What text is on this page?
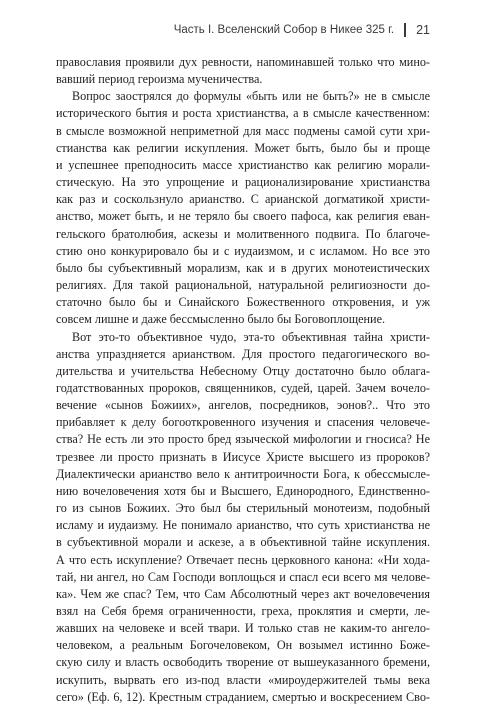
Часть I. Вселенский Собор в Никее 325 г. 21
православия проявили дух ревности, напоминавшей только что мино-
вавший период героизма мученичества.
Вопрос заострялся до формулы «быть или не быть?» не в смысле
исторического бытия и роста христианства, а в смысле качественном:
в смысле возможной неприметной для масс подмены самой сути хри-
стианства как религии искупления. Может быть, было бы и проще
и успешнее преподносить массе христианство как религию морали-
стическую. На это упрощение и рационализирование христианства
как раз и соскользнуло арианство. С арианской догматикой христи-
анство, может быть, и не теряло бы своего пафоса, как религия еван-
гельского братолюбия, аскезы и молитвенного подвига. По благоче-
стию оно конкурировало бы и с иудаизмом, и с исламом. Но все это
было бы субъективный морализм, как и в других монотеистических
религиях. Для такой рациональной, натуральной религиозности до-
статочно было бы и Синайского Божественного откровения, и уж
совсем лишне и даже бессмысленно было бы Боговоплощение.
Вот это-то объективное чудо, эта-то объективная тайна христи-
анства упраздняется арианством. Для простого педагогического во-
дительства и учительства Небесному Отцу достаточно было облага-
годатствованных пророков, священников, судей, царей. Зачем вочело-
вечение «сынов Божиих», ангелов, посредников, эонов?.. Что это
прибавляет к делу богооткровенного изучения и спасения человече-
ства? Не есть ли это просто бред языческой мифологии и гносиса? Не
трезвее ли просто признать в Иисусе Христе высшего из пророков?
Диалектически арианство вело к антитроичности Бога, к обессмысле-
нию вочеловечения хотя бы и Высшего, Единородного, Единственно-
го из сынов Божиих. Это был бы стерильный монотеизм, подобный
исламу и иудаизму. Не понимало арианство, что суть христианства не
в субъективной морали и аскезе, а в объективной тайне искупления.
А что есть искупление? Отвечает песнь церковного канона: «Ни хода-
тай, ни ангел, но Сам Господи воплощься и спасл еси всего мя челове-
ка». Чем же спас? Тем, что Сам Абсолютный через акт вочеловечения
взял на Себя бремя ограниченности, греха, проклятия и смерти, ле-
жавших на человеке и всей твари. И только став не каким-то ангело-
человеком, а реальным Богочеловеком, Он возымел истинно Боже-
скую силу и власть освободить творение от вышеуказанного бремени,
искупить, вырвать его из-под власти «мироудержителей тьмы века
сего» (Еф. 6, 12). Крестным страданием, смертью и воскресением Сво-
